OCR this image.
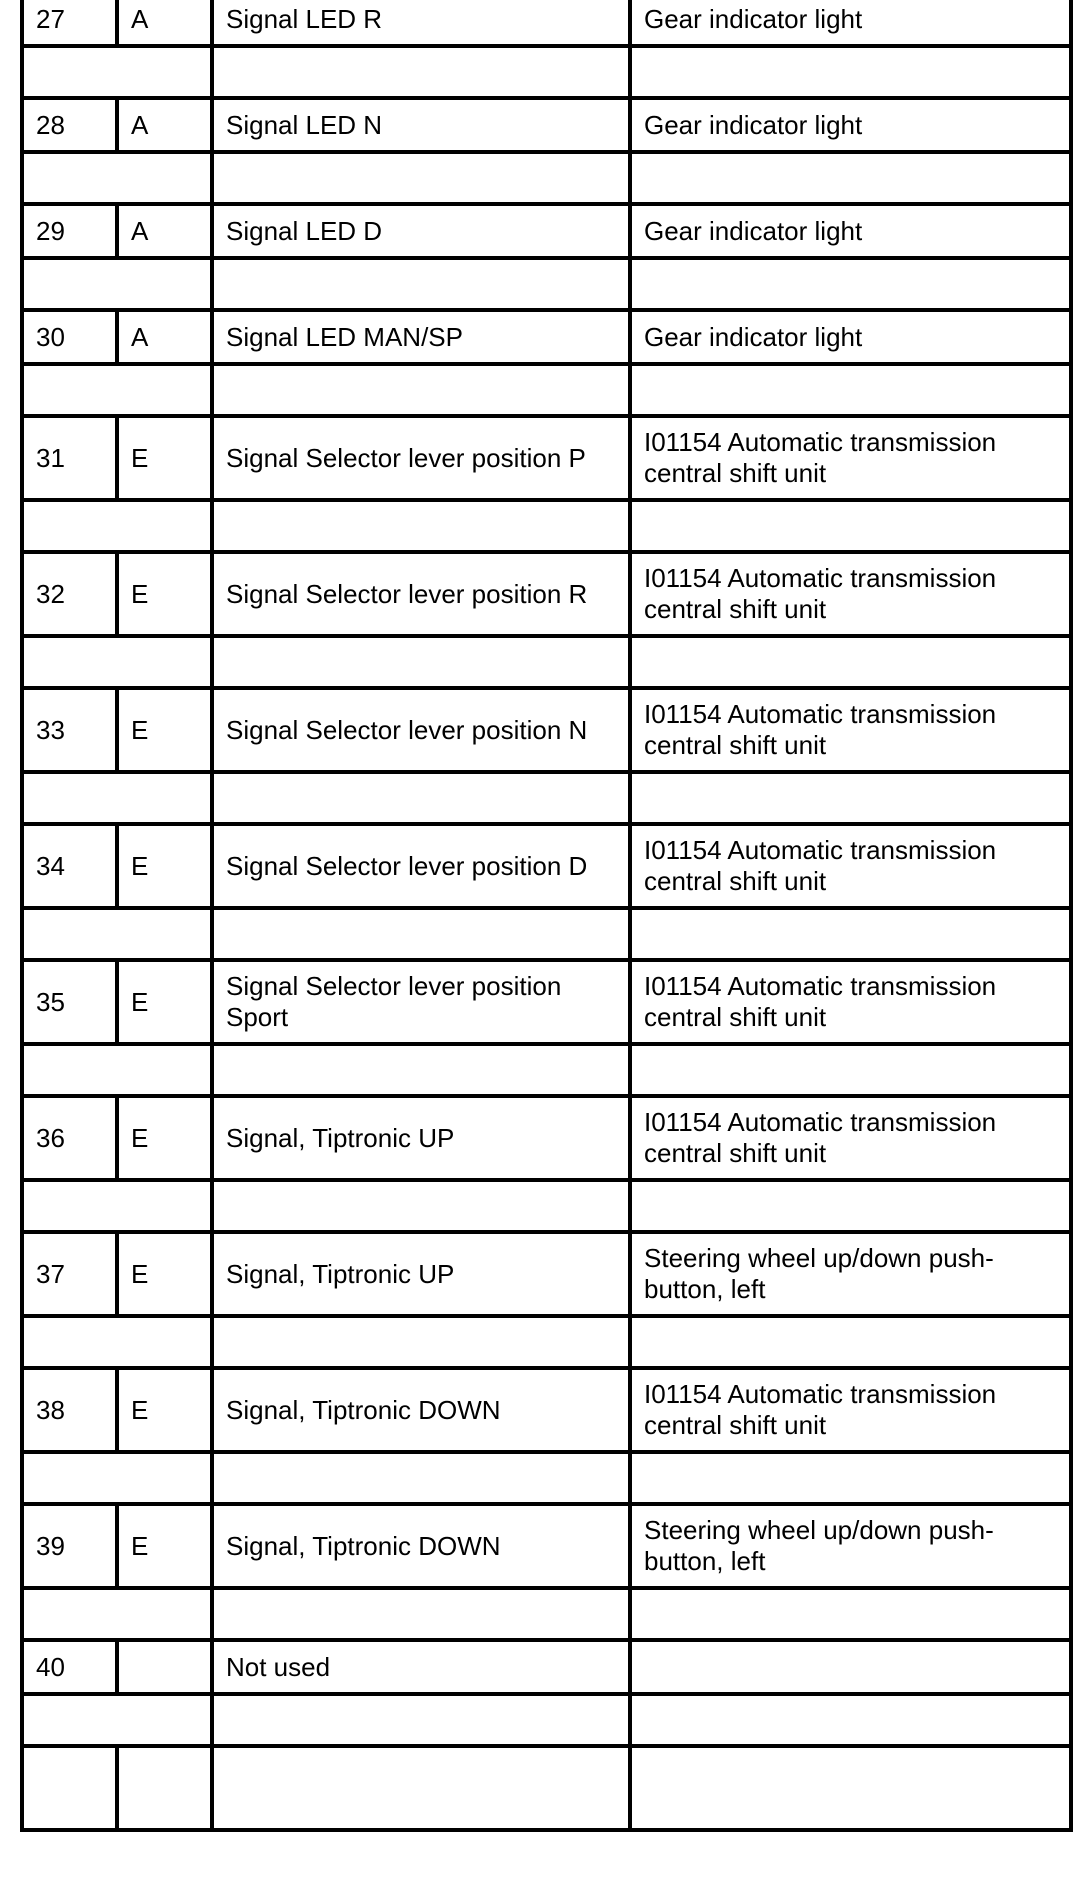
27	A	Signal LED R	Gear indicator light

28	A	Signal LED N	Gear indicator light

29	A	Signal LED D	Gear indicator light

30	A	Signal LED MAN/SP	Gear indicator light

31	E	Signal Selector lever position P	I01154 Automatic transmission central shift unit

32	E	Signal Selector lever position R	I01154 Automatic transmission central shift unit

33	E	Signal Selector lever position N	I01154 Automatic transmission central shift unit

34	E	Signal Selector lever position D	I01154 Automatic transmission central shift unit

35	E	Signal Selector lever position Sport	I01154 Automatic transmission central shift unit

36	E	Signal, Tiptronic UP	I01154 Automatic transmission central shift unit

37	E	Signal, Tiptronic UP	Steering wheel up/down push-button, left

38	E	Signal, Tiptronic DOWN	I01154 Automatic transmission central shift unit

39	E	Signal, Tiptronic DOWN	Steering wheel up/down push-button, left

40		Not used	
